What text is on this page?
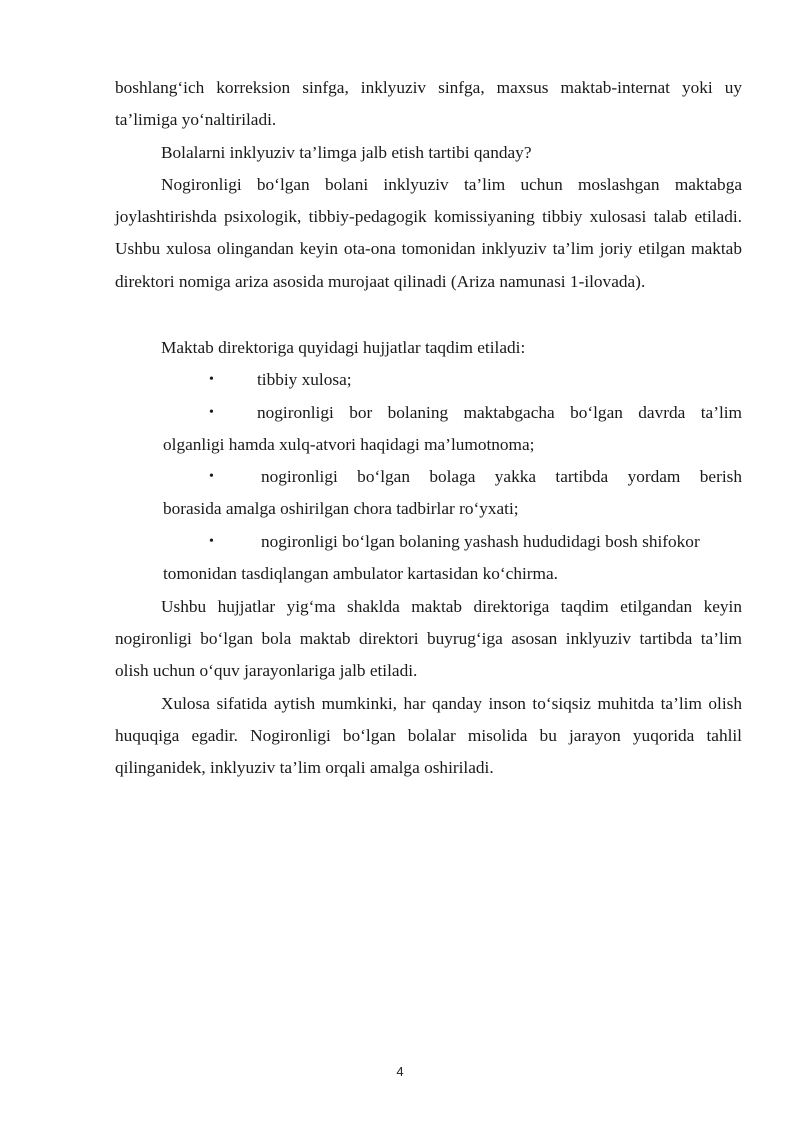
boshlang‘ich korreksion sinfga, inklyuziv sinfga, maxsus maktab-internat yoki uy ta’limiga yo‘naltiriladi.

Bolalarni inklyuziv ta’limga jalb etish tartibi qanday?

Nogironligi bo‘lgan bolani inklyuziv ta’lim uchun moslashgan maktabga joylashtirishda psixologik, tibbiy-pedagogik komissiyaning tibbiy xulosasi talab etiladi. Ushbu xulosa olingandan keyin ota-ona tomonidan inklyuziv ta’lim joriy etilgan maktab direktori nomiga ariza asosida murojaat qilinadi (Ariza namunasi 1-ilovada).

Maktab direktoriga quyidagi hujjatlar taqdim etiladi:

•	tibbiy xulosa;
•	nogironligi bor bolaning maktabgacha bo‘lgan davrda ta’lim
olganligi hamda xulq-atvori haqidagi ma’lumotnoma;
•	nogironligi bo‘lgan bolaga yakka tartibda yordam berish
borasida amalga oshirilgan chora tadbirlar ro‘yxati;
•	nogironligi bo‘lgan bolaning yashash hududidagi bosh shifokor
tomonidan tasdiqlangan ambulator kartasidan ko‘chirma.

Ushbu hujjatlar yig‘ma shaklda maktab direktoriga taqdim etilgandan keyin nogironligi bo‘lgan bola maktab direktori buyrug‘iga asosan inklyuziv tartibda ta’lim olish uchun o‘quv jarayonlariga jalb etiladi.

Xulosa sifatida aytish mumkinki, har qanday inson to‘siqsiz muhitda ta’lim olish huquqiga egadir. Nogironligi bo‘lgan bolalar misolida bu jarayon yuqorida tahlil qilinganidek, inklyuziv ta’lim orqali amalga oshiriladi.

4
